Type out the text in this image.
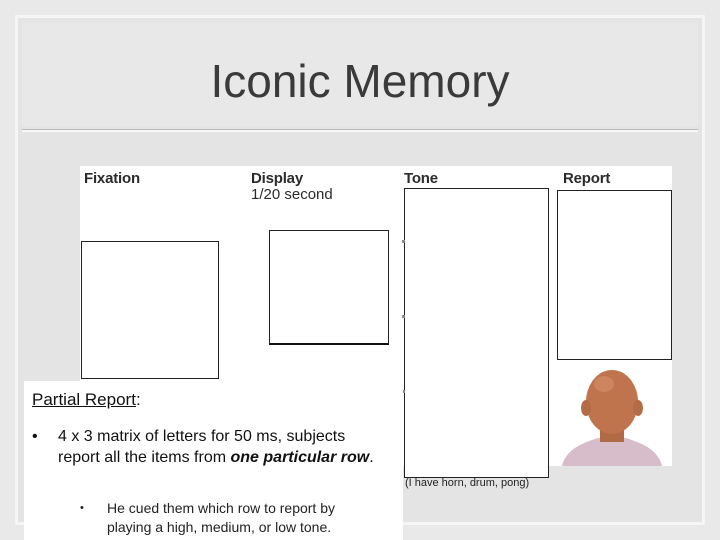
Iconic Memory
Fixation	Display
1/20 second
Tone	Report
(I have horn, drum, pong)
Partial Report:
• 4 x 3 matrix of letters for 50 ms, subjects report all the items from one particular row.
• He cued them which row to report by playing a high, medium, or low tone.
